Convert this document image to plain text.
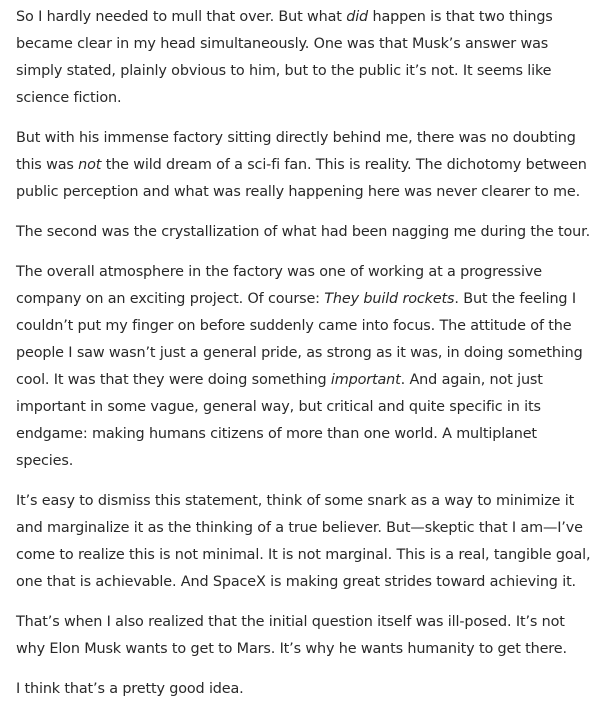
So I hardly needed to mull that over. But what did happen is that two things became clear in my head simultaneously. One was that Musk’s answer was simply stated, plainly obvious to him, but to the public it’s not. It seems like science fiction.

But with his immense factory sitting directly behind me, there was no doubting this was not the wild dream of a sci-fi fan. This is reality. The dichotomy between public perception and what was really happening here was never clearer to me.

The second was the crystallization of what had been nagging me during the tour.

The overall atmosphere in the factory was one of working at a progressive company on an exciting project. Of course: They build rockets. But the feeling I couldn’t put my finger on before suddenly came into focus. The attitude of the people I saw wasn’t just a general pride, as strong as it was, in doing something cool. It was that they were doing something important. And again, not just important in some vague, general way, but critical and quite specific in its endgame: making humans citizens of more than one world. A multiplanet species.

It’s easy to dismiss this statement, think of some snark as a way to minimize it and marginalize it as the thinking of a true believer. But—skeptic that I am—I’ve come to realize this is not minimal. It is not marginal. This is a real, tangible goal, one that is achievable. And SpaceX is making great strides toward achieving it.

That’s when I also realized that the initial question itself was ill-posed. It’s not why Elon Musk wants to get to Mars. It’s why he wants humanity to get there.

I think that’s a pretty good idea.
